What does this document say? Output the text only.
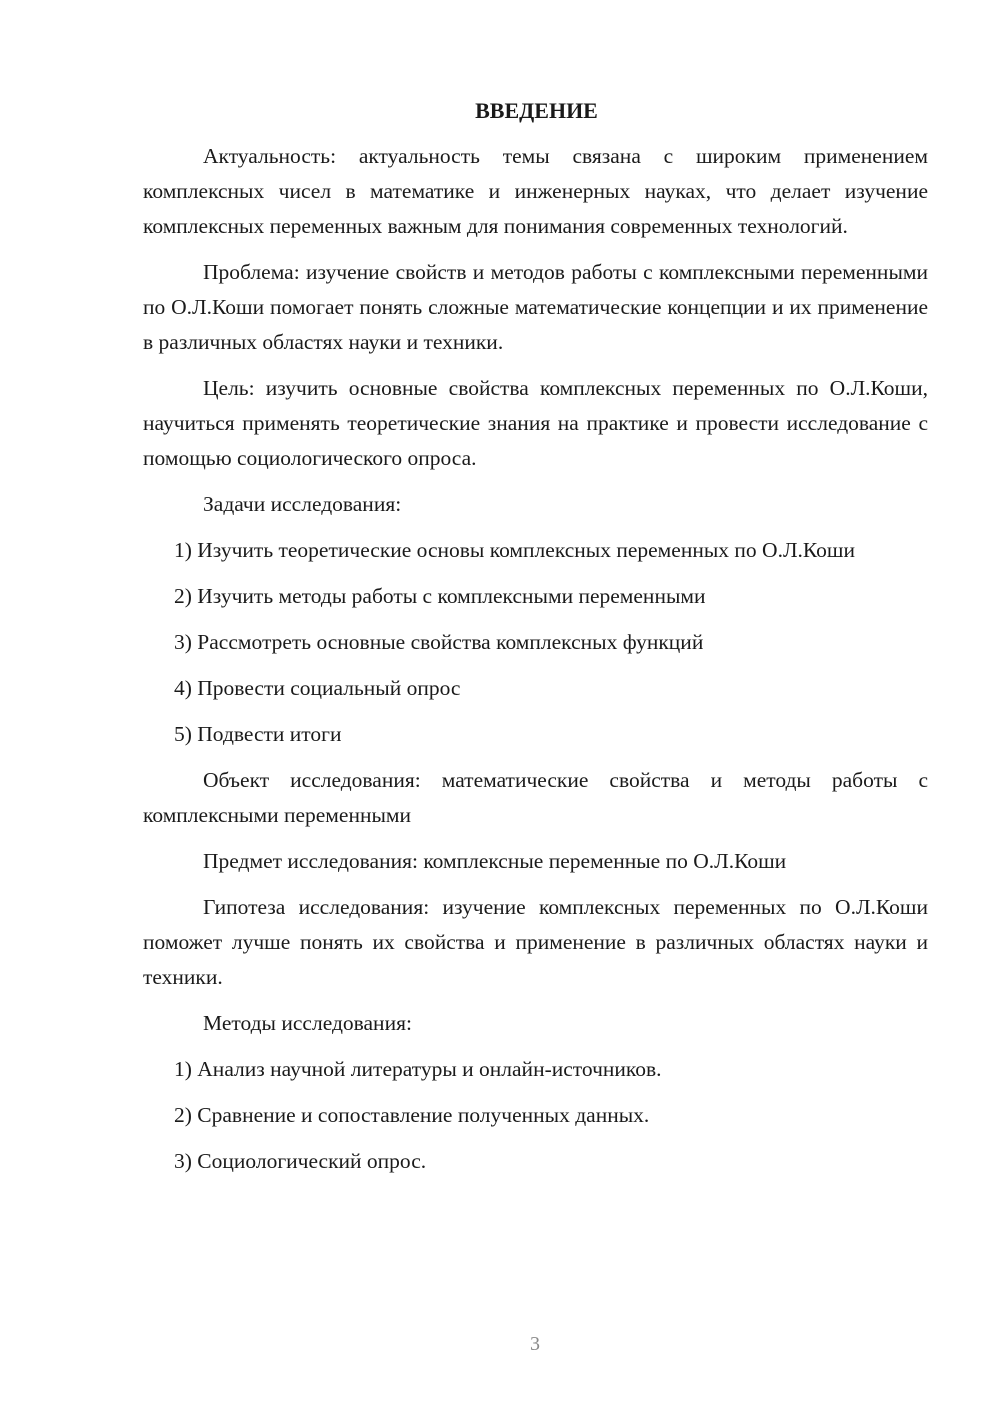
ВВЕДЕНИЕ

Актуальность: актуальность темы связана с широким применением комплексных чисел в математике и инженерных науках, что делает изучение комплексных переменных важным для понимания современных технологий.

Проблема: изучение свойств и методов работы с комплексными переменными по О.Л.Коши помогает понять сложные математические концепции и их применение в различных областях науки и техники.

Цель: изучить основные свойства комплексных переменных по О.Л.Коши, научиться применять теоретические знания на практике и провести исследование с помощью социологического опроса.

Задачи исследования:

1) Изучить теоретические основы комплексных переменных по О.Л.Коши

2) Изучить методы работы с комплексными переменными

3) Рассмотреть основные свойства комплексных функций

4) Провести социальный опрос

5) Подвести итоги

Объект исследования: математические свойства и методы работы с комплексными переменными

Предмет исследования: комплексные переменные по О.Л.Коши

Гипотеза исследования: изучение комплексных переменных по О.Л.Коши поможет лучше понять их свойства и применение в различных областях науки и техники.

Методы исследования:

1) Анализ научной литературы и онлайн-источников.

2) Сравнение и сопоставление полученных данных.

3) Социологический опрос.

3
